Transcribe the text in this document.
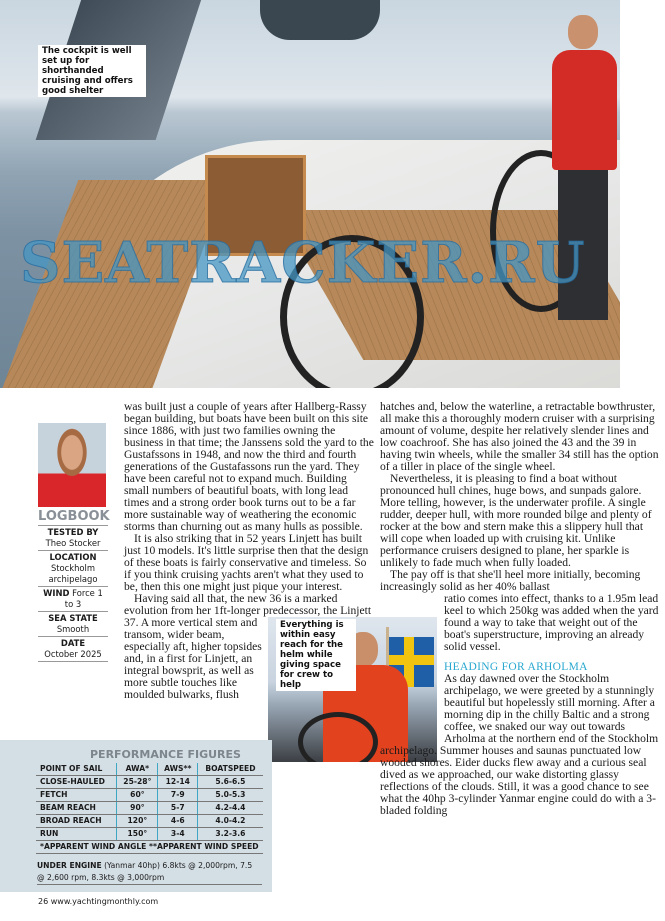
The cockpit is well set up for shorthanded cruising and offers good shelter
LOGBOOK
TESTED BY
Theo Stocker
LOCATION
Stockholm archipelago
WIND Force 1 to 3
SEA STATE
Smooth
DATE
October 2025

was built just a couple of years after Hallberg-Rassy began building, but boats have been built on this site since 1886, with just two families owning the business in that time; the Janssens sold the yard to the Gustafssons in 1948, and now the third and fourth generations of the Gustafassons run the yard. They have been careful not to expand much. Building small numbers of beautiful boats, with long lead times and a strong order book turns out to be a far more sustainable way of weathering the economic storms than churning out as many hulls as possible.

It is also striking that in 52 years Linjett has built just 10 models. It's little surprise then that the design of these boats is fairly conservative and timeless. So if you think cruising yachts aren't what they used to be, then this one might just pique your interest.

Having said all that, the new 36 is a marked evolution from her 1ft-longer predecessor, the Linjett

37. A more vertical stem and transom, wider beam, especially aft, higher topsides and, in a first for Linjett, an integral bowsprit, as well as more subtle touches like moulded bulwarks, flush

Everything is within easy reach for the helm while giving space for crew to help

hatches and, below the waterline, a retractable bowthruster, all make this a thoroughly modern cruiser with a surprising amount of volume, despite her relatively slender lines and low coachroof. She has also joined the 43 and the 39 in having twin wheels, while the smaller 34 still has the option of a tiller in place of the single wheel.

Nevertheless, it is pleasing to find a boat without pronounced hull chines, huge bows, and sunpads galore. More telling, however, is the underwater profile. A single rudder, deeper hull, with more rounded bilge and plenty of rocker at the bow and stern make this a slippery hull that will cope when loaded up with cruising kit. Unlike performance cruisers designed to plane, her sparkle is unlikely to fade much when fully loaded.

The pay off is that she'll heel more initially, becoming increasingly solid as her 40% ballast

ratio comes into effect, thanks to a 1.95m lead keel to which 250kg was added when the yard found a way to take that weight out of the boat's superstructure, improving an already solid vessel.

HEADING FOR ARHOLMA

As day dawned over the Stockholm archipelago, we were greeted by a stunningly beautiful but hopelessly still morning. After a morning dip in the chilly Baltic and a strong coffee, we snaked our way out towards Arholma at the northern end of the Stockholm

archipelago. Summer houses and saunas punctuated low wooded shores. Eider ducks flew away and a curious seal dived as we approached, our wake distorting glassy reflections of the clouds. Still, it was a good chance to see what the 40hp 3-cylinder Yanmar engine could do with a 3-bladed folding

PERFORMANCE FIGURES
POINT OF SAIL	AWA*	AWS**	BOATSPEED
CLOSE-HAULED	25-28°	12-14	5.6-6.5
FETCH	60°	7-9	5.0-5.3
BEAM REACH	90°	5-7	4.2-4.4
BROAD REACH	120°	4-6	4.0-4.2
RUN	150°	3-4	3.2-3.6
*APPARENT WIND ANGLE **APPARENT WIND SPEED			
UNDER ENGINE (Yanmar 40hp) 6.8kts @ 2,000rpm, 7.5 @ 2,600 rpm, 8.3kts @ 3,000rpm
SEATRACKER.RU
26 www.yachtingmonthly.com
